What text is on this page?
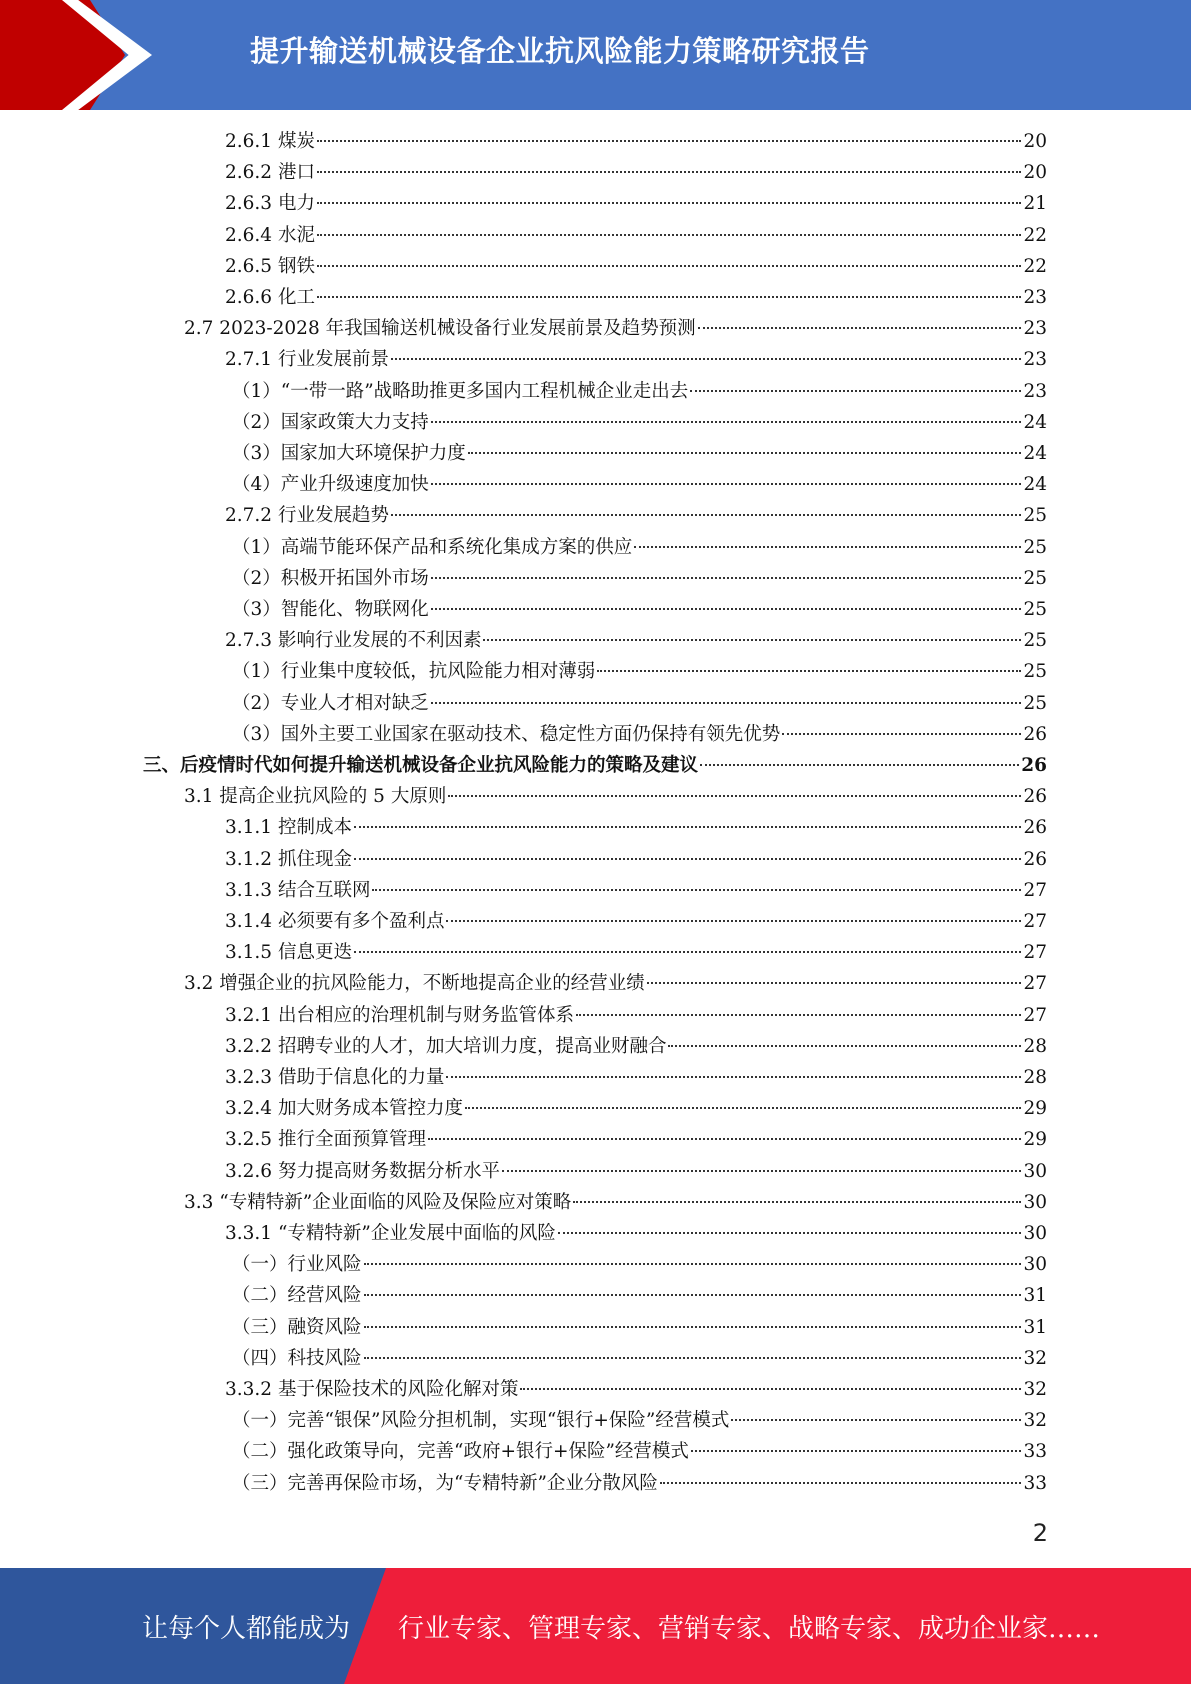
提升输送机械设备企业抗风险能力策略研究报告
2.6.1 煤炭	20
2.6.2 港口	20
2.6.3 电力	21
2.6.4 水泥	22
2.6.5 钢铁	22
2.6.6 化工	23
2.7 2023-2028 年我国输送机械设备行业发展前景及趋势预测	23
2.7.1 行业发展前景	23
（1）“一带一路”战略助推更多国内工程机械企业走出去	23
（2）国家政策大力支持	24
（3）国家加大环境保护力度	24
（4）产业升级速度加快	24
2.7.2 行业发展趋势	25
（1）高端节能环保产品和系统化集成方案的供应	25
（2）积极开拓国外市场	25
（3）智能化、物联网化	25
2.7.3 影响行业发展的不利因素	25
（1）行业集中度较低，抗风险能力相对薄弱	25
（2）专业人才相对缺乏	25
（3）国外主要工业国家在驱动技术、稳定性方面仍保持有领先优势	26
三、后疫情时代如何提升输送机械设备企业抗风险能力的策略及建议	26
3.1 提高企业抗风险的 5 大原则	26
3.1.1 控制成本	26
3.1.2 抓住现金	26
3.1.3 结合互联网	27
3.1.4 必须要有多个盈利点	27
3.1.5 信息更迭	27
3.2 增强企业的抗风险能力，不断地提高企业的经营业绩	27
3.2.1 出台相应的治理机制与财务监管体系	27
3.2.2 招聘专业的人才，加大培训力度，提高业财融合	28
3.2.3 借助于信息化的力量	28
3.2.4 加大财务成本管控力度	29
3.2.5 推行全面预算管理	29
3.2.6 努力提高财务数据分析水平	30
3.3 “专精特新”企业面临的风险及保险应对策略	30
3.3.1 “专精特新”企业发展中面临的风险	30
（一）行业风险	30
（二）经营风险	31
（三）融资风险	31
（四）科技风险	32
3.3.2 基于保险技术的风险化解对策	32
（一）完善“银保”风险分担机制，实现“银行+保险”经营模式	32
（二）强化政策导向，完善“政府+银行+保险”经营模式	33
（三）完善再保险市场，为“专精特新”企业分散风险	33
2
让每个人都能成为 行业专家、管理专家、营销专家、战略专家、成功企业家……
